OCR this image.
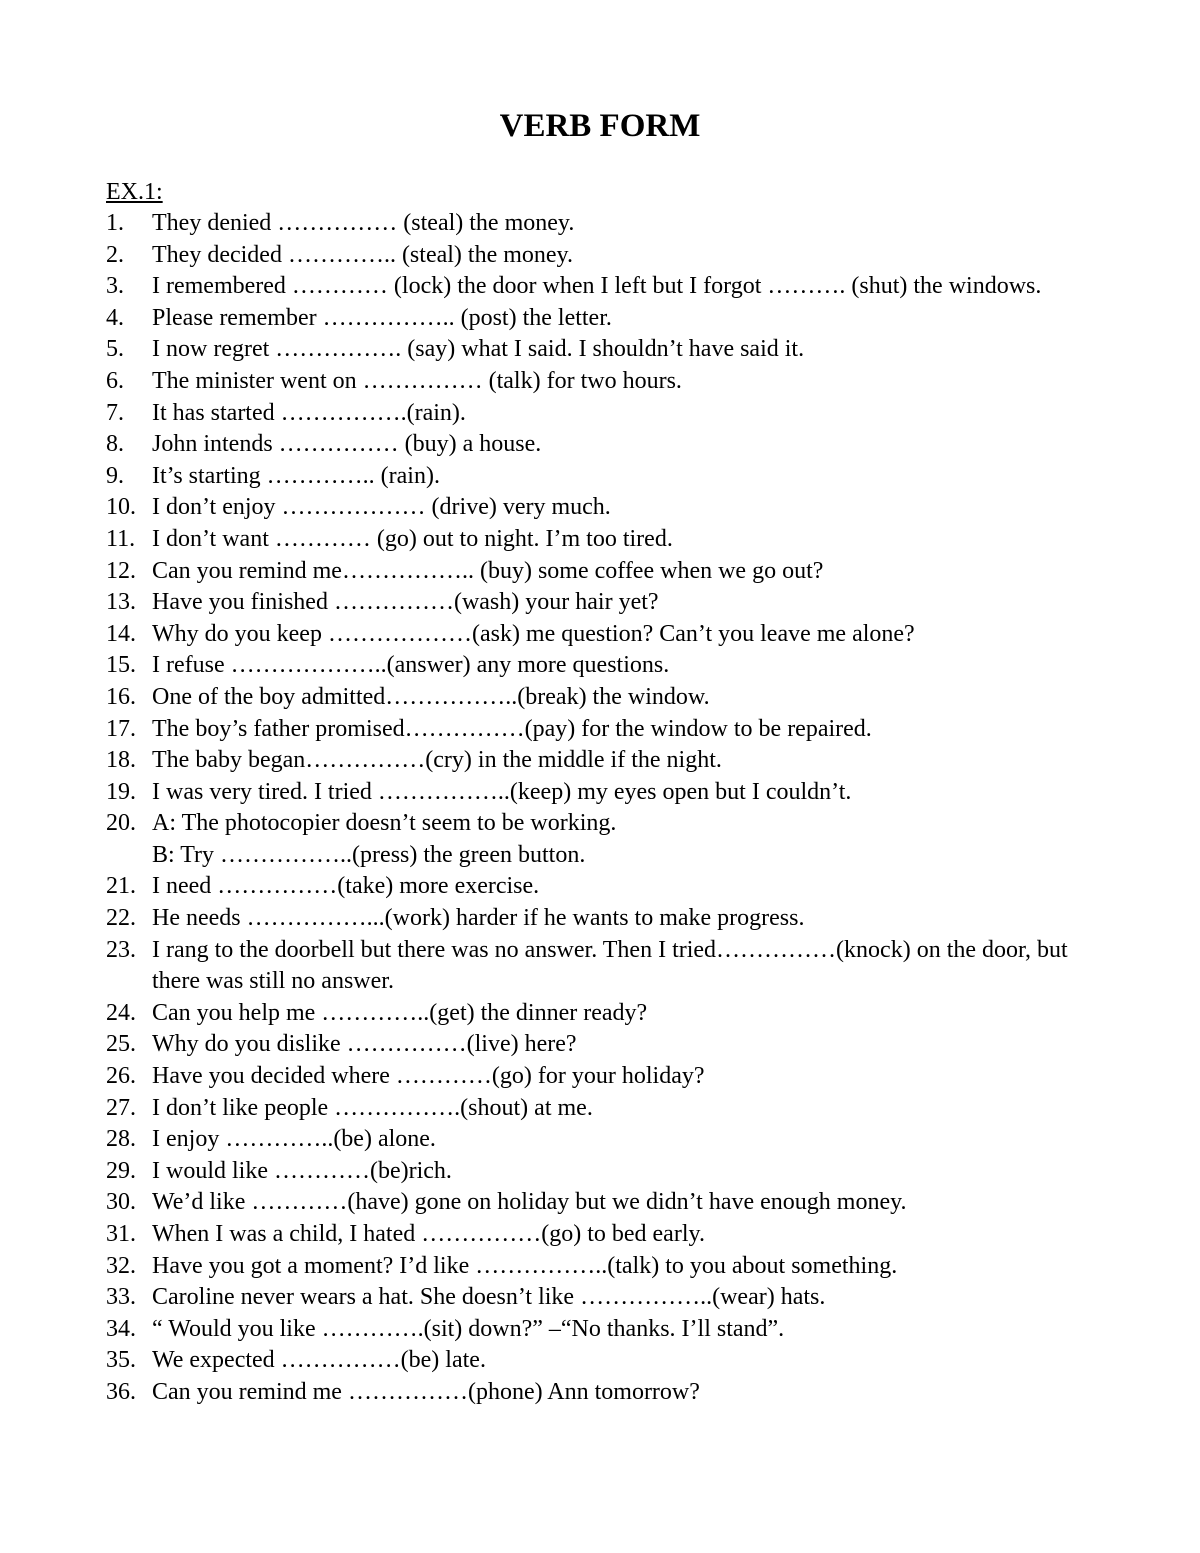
VERB FORM
EX.1:
1. They denied …………… (steal) the money.
2. They decided ………….. (steal) the money.
3. I remembered ………… (lock) the door when I left but I forgot ………. (shut) the windows.
4. Please remember …………….. (post) the letter.
5. I now regret ……………. (say) what I said. I shouldn’t have said it.
6. The minister went on …………… (talk) for two hours.
7. It has started …………….(rain).
8. John intends …………… (buy) a house.
9. It’s starting ………….. (rain).
10. I don’t enjoy ……………… (drive) very much.
11. I don’t want ………… (go) out to night. I’m too tired.
12. Can you remind me…………….. (buy) some coffee when we go out?
13. Have you finished ……………(wash) your hair yet?
14. Why do you keep ………………(ask) me question? Can’t you leave me alone?
15. I refuse ………………..(answer) any more questions.
16. One of the boy admitted……………..(break) the window.
17. The boy’s father promised……………(pay) for the window to be repaired.
18. The baby began……………(cry) in the middle if the night.
19. I was very tired. I tried ……………..(keep) my eyes open but I couldn’t.
20. A: The photocopier doesn’t seem to be working.
B: Try ……………..(press) the green button.
21. I need ……………(take) more exercise.
22. He needs ……………...(work) harder if he wants to make progress.
23. I rang to the doorbell but there was no answer. Then I tried……………(knock) on the door, but there was still no answer.
24. Can you help me …………..(get) the dinner ready?
25. Why do you dislike ……………(live) here?
26. Have you decided where …………(go) for your holiday?
27. I don’t like people …………….(shout) at me.
28. I enjoy …………..(be) alone.
29. I would like …………(be)rich.
30. We’d like …………(have) gone on holiday but we didn’t have enough money.
31. When I was a child, I hated ……………(go) to bed early.
32. Have you got a moment? I’d like ……………..(talk) to you about something.
33. Caroline never wears a hat. She doesn’t like ……………..(wear) hats.
34. “ Would you like ………….(sit) down?” –“No thanks. I’ll stand”.
35. We expected ……………(be) late.
36. Can you remind me ……………(phone) Ann tomorrow?
